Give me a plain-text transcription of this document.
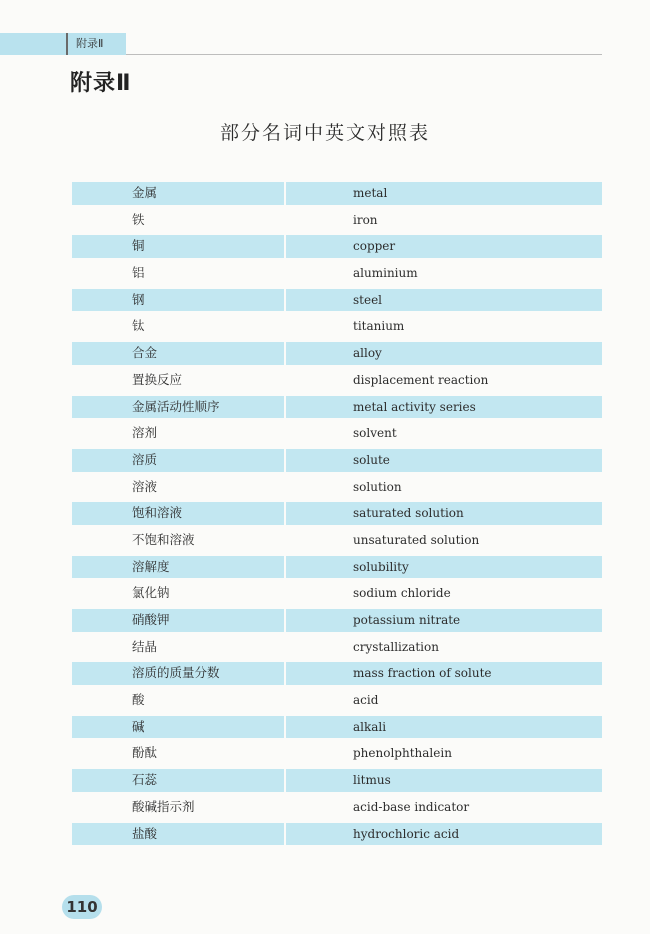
附录Ⅱ
附录Ⅱ
部分名词中英文对照表
金属	metal
铁	iron
铜	copper
铝	aluminium
钢	steel
钛	titanium
合金	alloy
置换反应	displacement reaction
金属活动性顺序	metal activity series
溶剂	solvent
溶质	solute
溶液	solution
饱和溶液	saturated solution
不饱和溶液	unsaturated solution
溶解度	solubility
氯化钠	sodium chloride
硝酸钾	potassium nitrate
结晶	crystallization
溶质的质量分数	mass fraction of solute
酸	acid
碱	alkali
酚酞	phenolphthalein
石蕊	litmus
酸碱指示剂	acid-base indicator
盐酸	hydrochloric acid
110
